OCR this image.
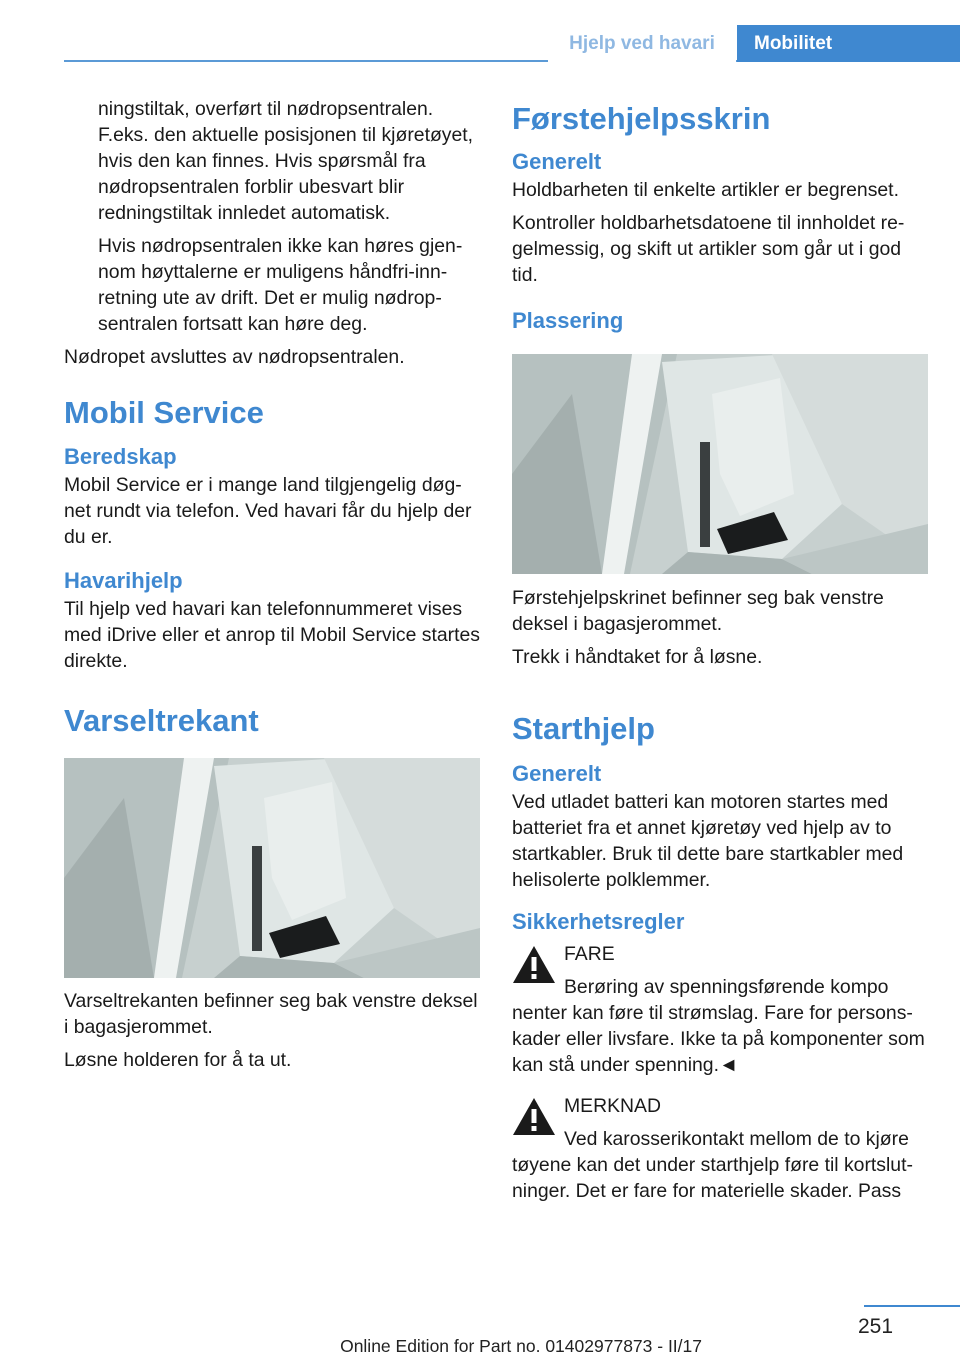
Hjelp ved havari	Mobilitet

ningstiltak, overført til nødropsentralen. F.eks. den aktuelle posisjonen til kjøretøyet, hvis den kan finnes. Hvis spørsmål fra nødropsentralen forblir ubesvart blir redningstiltak innledet automatisk.

Hvis nødropsentralen ikke kan høres gjennom høyttalerne er muligens håndfri-innretning ute av drift. Det er mulig nødropsentralen fortsatt kan høre deg.

Nødropet avsluttes av nødropsentralen.

Mobil Service
Beredskap

Mobil Service er i mange land tilgjengelig døgnet rundt via telefon. Ved havari får du hjelp der du er.

Havarihjelp

Til hjelp ved havari kan telefonnummeret vises med iDrive eller et anrop til Mobil Service startes direkte.

Varseltrekant

Varseltrekanten befinner seg bak venstre deksel i bagasjerommet.

Løsne holderen for å ta ut.

Førstehjelpsskrin
Generelt

Holdbarheten til enkelte artikler er begrenset.

Kontroller holdbarhetsdatoene til innholdet regelmessig, og skift ut artikler som går ut i god tid.

Plassering

Førstehjelpskrinet befinner seg bak venstre deksel i bagasjerommet.

Trekk i håndtaket for å løsne.

Starthjelp
Generelt

Ved utladet batteri kan motoren startes med batteriet fra et annet kjøretøy ved hjelp av to startkabler. Bruk til dette bare startkabler med helisolerte polklemmer.

Sikkerhetsregler

FARE

Berøring av spenningsførende kompo

nenter kan føre til strømslag. Fare for personskader eller livsfare. Ikke ta på komponenter som kan stå under spenning.◄

MERKNAD

Ved karosserikontakt mellom de to kjøre

tøyene kan det under starthjelp føre til kortslutninger. Det er fare for materielle skader. Pass

251
Online Edition for Part no. 01402977873 - II/17
